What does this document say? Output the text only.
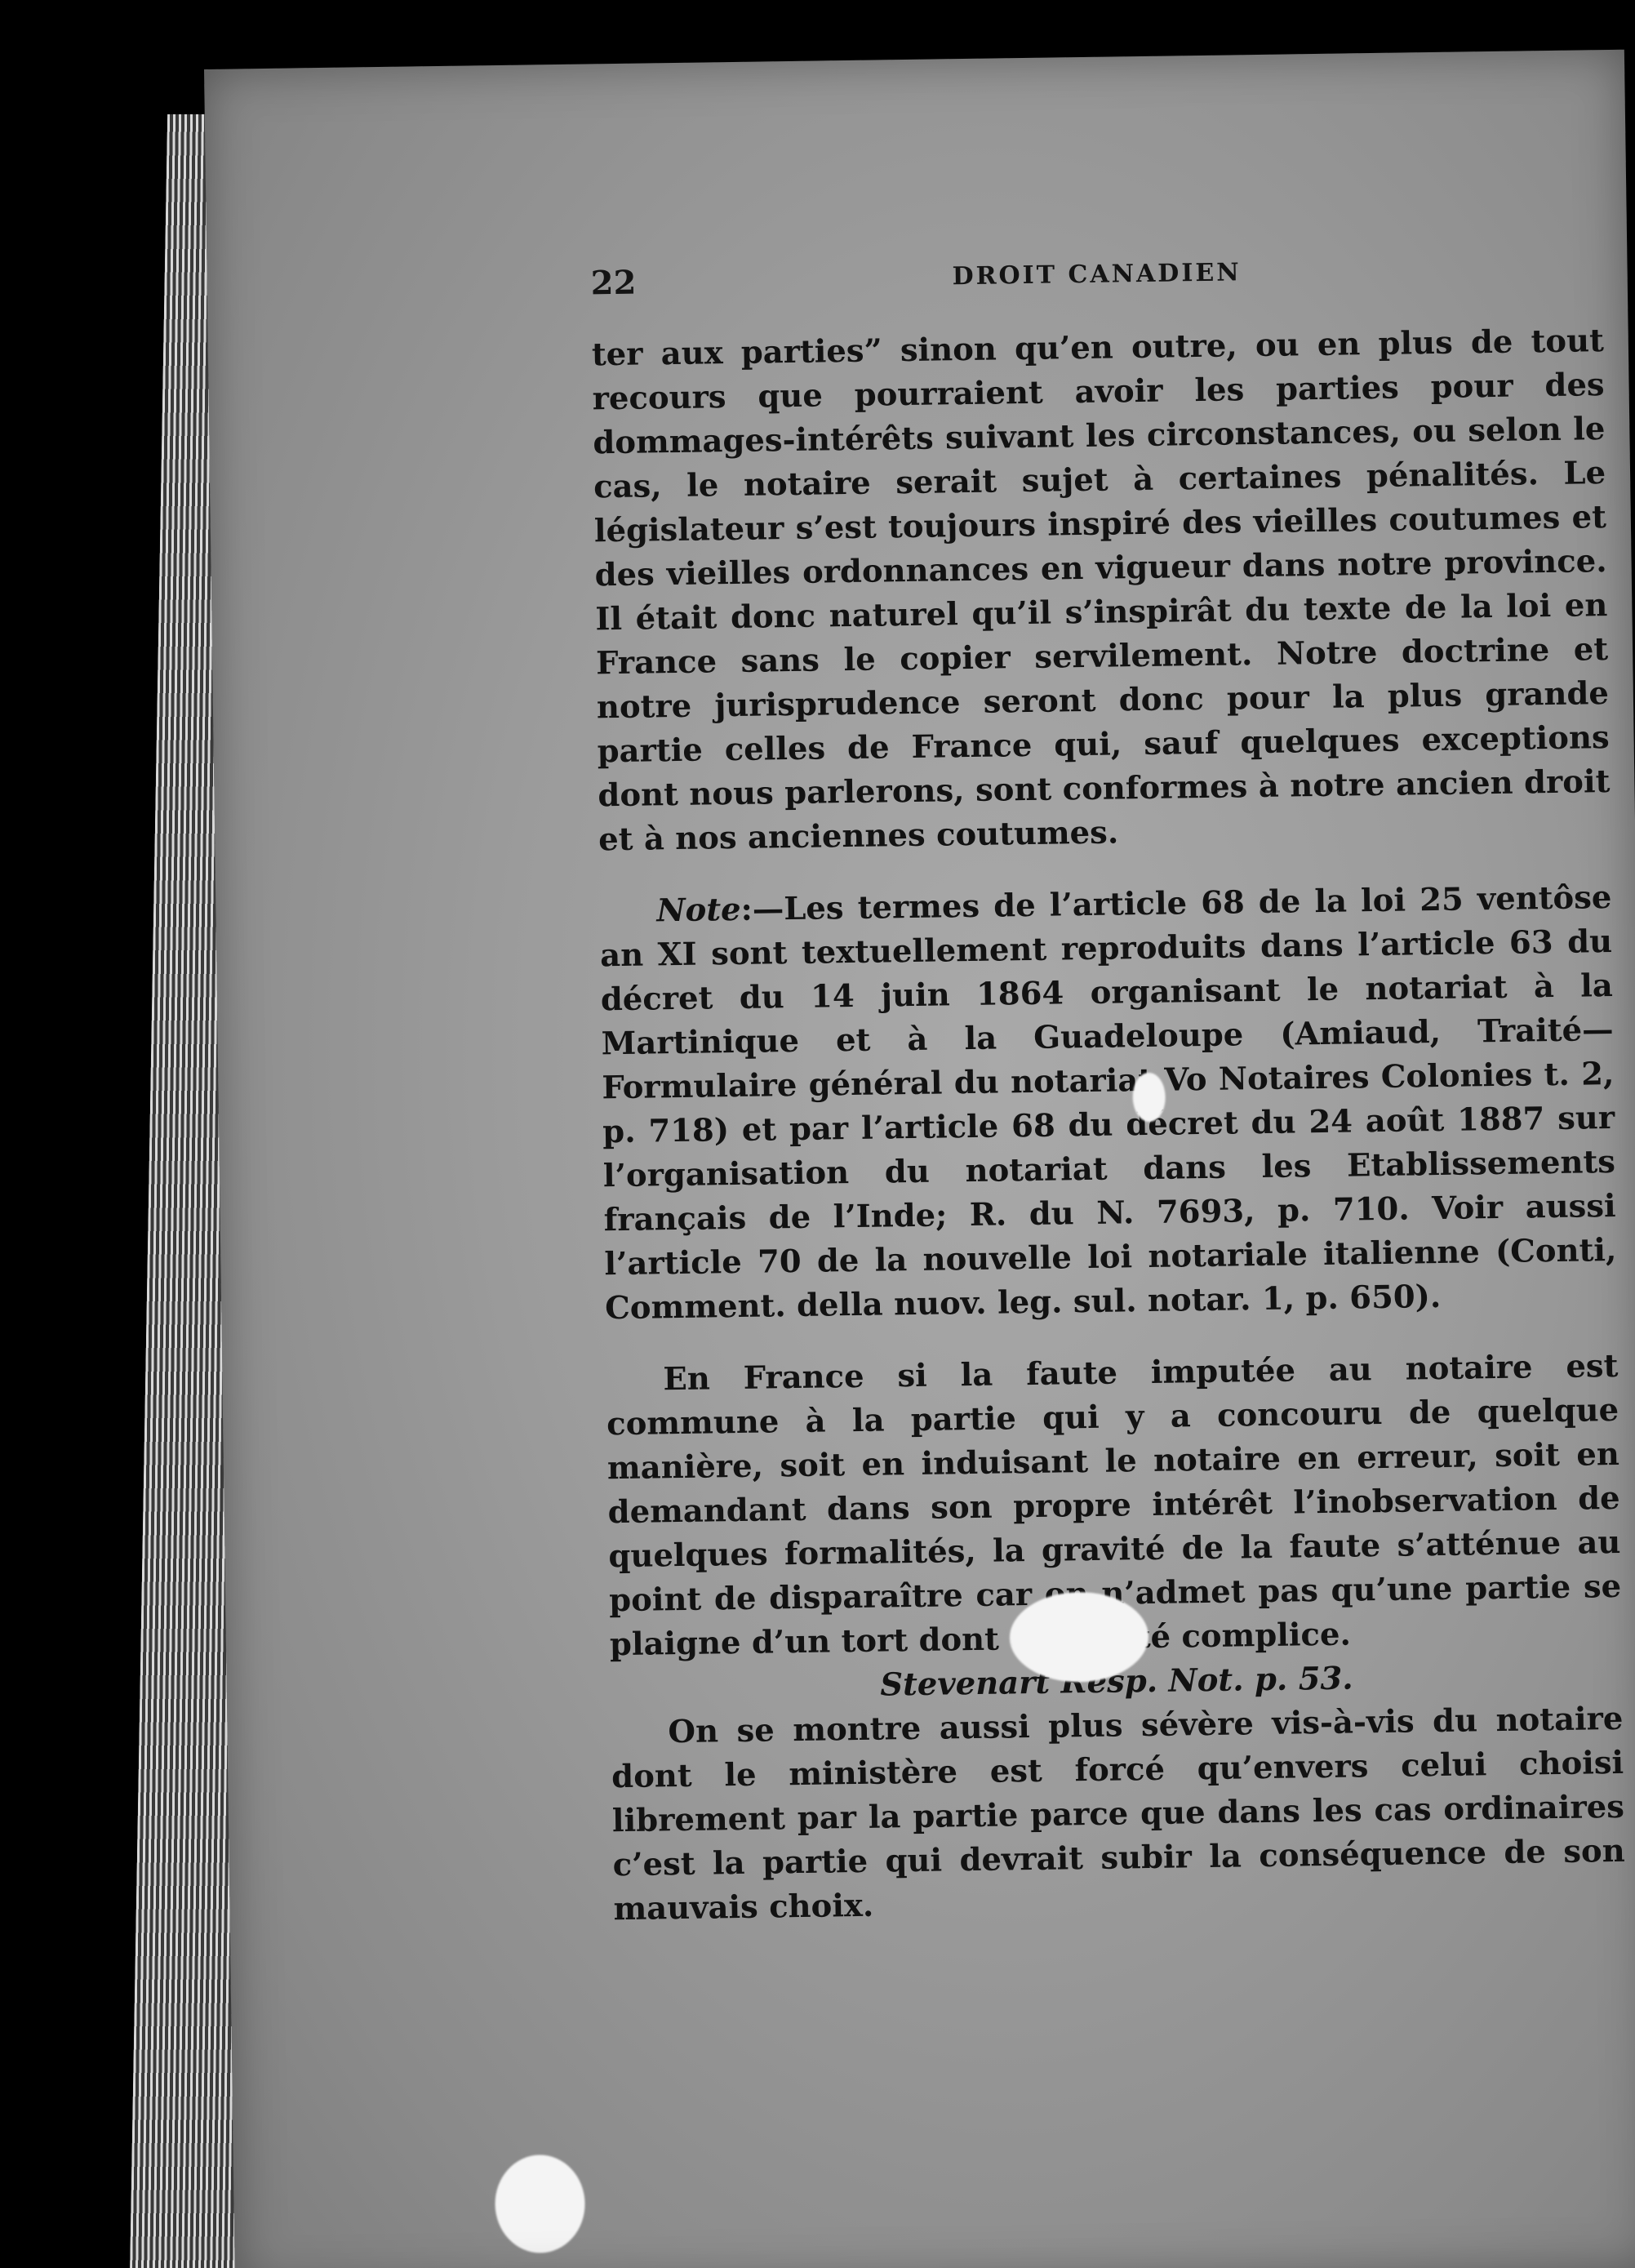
22	DROIT CANADIEN

ter aux parties” sinon qu’en outre, ou en plus de tout recours que pourraient avoir les parties pour des dommages-intérêts suivant les circonstances, ou selon le cas, le notaire serait sujet à certaines pénalités. Le législateur s’est toujours inspiré des vieilles coutumes et des vieilles ordonnances en vigueur dans notre province. Il était donc naturel qu’il s’inspirât du texte de la loi en France sans le copier servilement. Notre doctrine et notre jurisprudence seront donc pour la plus grande partie celles de France qui, sauf quelques exceptions dont nous parlerons, sont conformes à notre ancien droit et à nos anciennes coutumes.

Note:—Les termes de l’article 68 de la loi 25 ventôse an XI sont textuellement reproduits dans l’article 63 du décret du 14 juin 1864 organisant le notariat à la Martinique et à la Guadeloupe (Amiaud, Traité—Formulaire général du notariat Vo Notaires Colonies t. 2, p. 718) et par l’article 68 du décret du 24 août 1887 sur l’organisation du notariat dans les Etablissements français de l’Inde; R. du N. 7693, p. 710. Voir aussi l’article 70 de la nouvelle loi notariale italienne (Conti, Comment. della nuov. leg. sul. notar. 1, p. 650).

En France si la faute imputée au notaire est commune à la partie qui y a concouru de quelque manière, soit en induisant le notaire en erreur, soit en demandant dans son propre intérêt l’inobservation de quelques formalités, la gravité de la faute s’atténue au point de disparaître car on n’admet pas qu’une partie se plaigne d’un tort dont elle a été complice.

Stevenart Resp. Not. p. 53.

On se montre aussi plus sévère vis-à-vis du notaire dont le ministère est forcé qu’envers celui choisi librement par la partie parce que dans les cas ordinaires c’est la partie qui devrait subir la conséquence de son mauvais choix.
